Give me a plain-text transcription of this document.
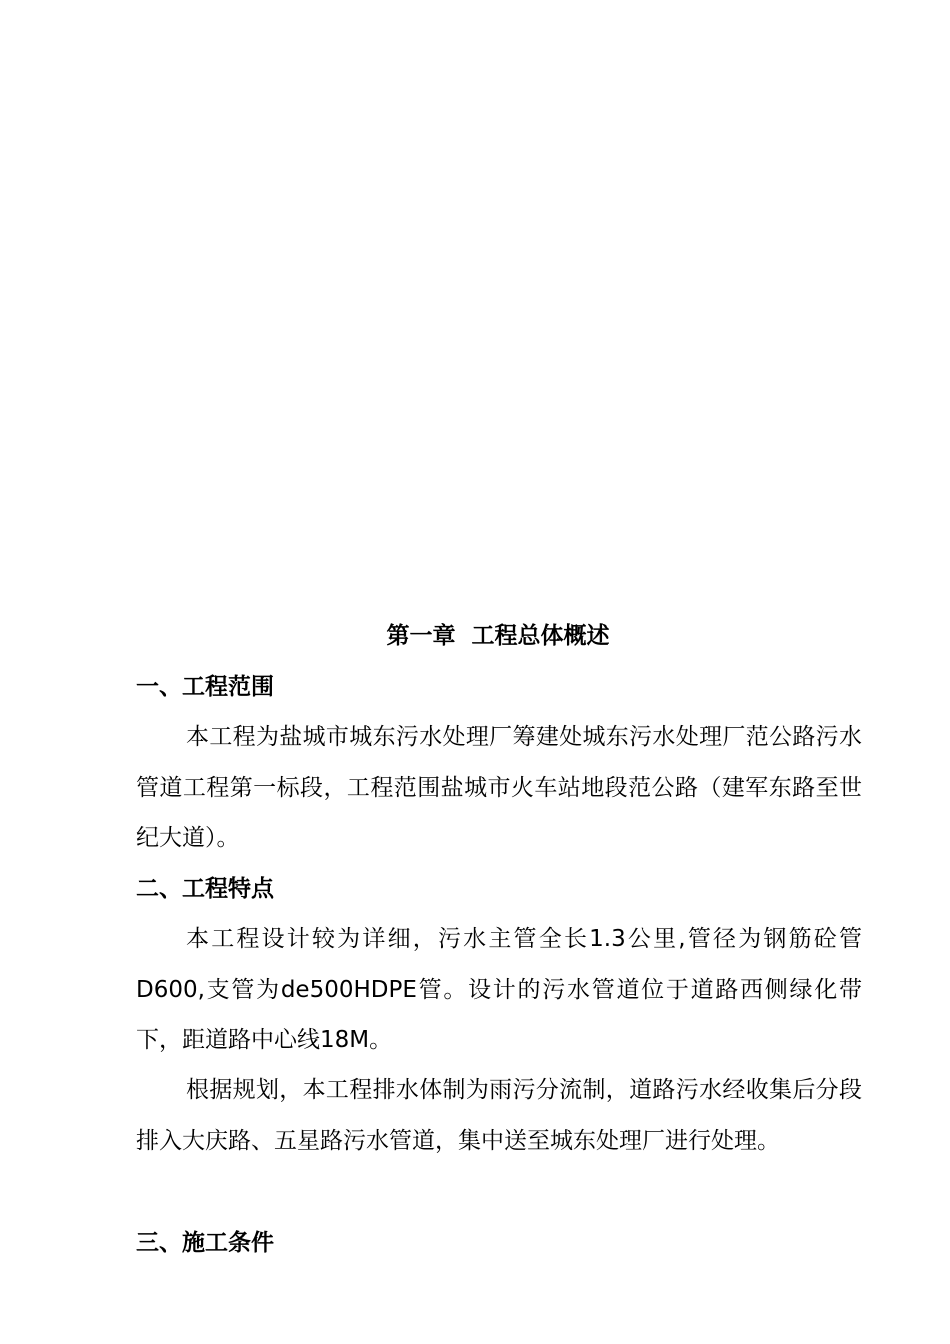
第一章  工程总体概述
一、工程范围

本工程为盐城市城东污水处理厂筹建处城东污水处理厂范公路污水管道工程第一标段，工程范围盐城市火车站地段范公路（建军东路至世纪大道）。

二、工程特点

本工程设计较为详细，污水主管全长1.3公里,管径为钢筋砼管D600,支管为de500HDPE管。设计的污水管道位于道路西侧绿化带下，距道路中心线18M。

根据规划，本工程排水体制为雨污分流制，道路污水经收集后分段排入大庆路、五星路污水管道，集中送至城东处理厂进行处理。

三、施工条件
